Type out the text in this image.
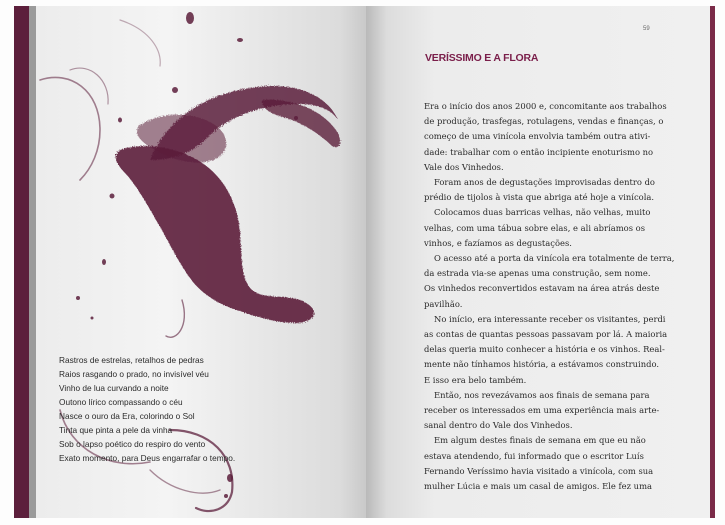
Rastros de estrelas, retalhos de pedras
Raios rasgando o prado, no invisível véu
Vinho de lua curvando a noite
Outono lírico compassando o céu
Nasce o ouro da Era, colorindo o Sol
Tinta que pinta a pele da vinha
Sob o lapso poético do respiro do vento
Exato momento, para Deus engarrafar o tempo.
59
VERÍSSIMO E A FLORA
Era o início dos anos 2000 e, concomitante aos trabalhos
de produção, trasfegas, rotulagens, vendas e finanças, o
começo de uma vinícola envolvia também outra ativi-
dade: trabalhar com o então incipiente enoturismo no
Vale dos Vinhedos.
Foram anos de degustações improvisadas dentro do
prédio de tijolos à vista que abriga até hoje a vinícola.
Colocamos duas barricas velhas, não velhas, muito
velhas, com uma tábua sobre elas, e ali abríamos os
vinhos, e fazíamos as degustações.
O acesso até a porta da vinícola era totalmente de terra,
da estrada via-se apenas uma construção, sem nome.
Os vinhedos reconvertidos estavam na área atrás deste
pavilhão.
No início, era interessante receber os visitantes, perdi
as contas de quantas pessoas passavam por lá. A maioria
delas queria muito conhecer a história e os vinhos. Real-
mente não tínhamos história, a estávamos construindo.
E isso era belo também.
Então, nos revezávamos aos finais de semana para
receber os interessados em uma experiência mais arte-
sanal dentro do Vale dos Vinhedos.
Em algum destes finais de semana em que eu não
estava atendendo, fui informado que o escritor Luís
Fernando Veríssimo havia visitado a vinícola, com sua
mulher Lúcia e mais um casal de amigos. Ele fez uma
